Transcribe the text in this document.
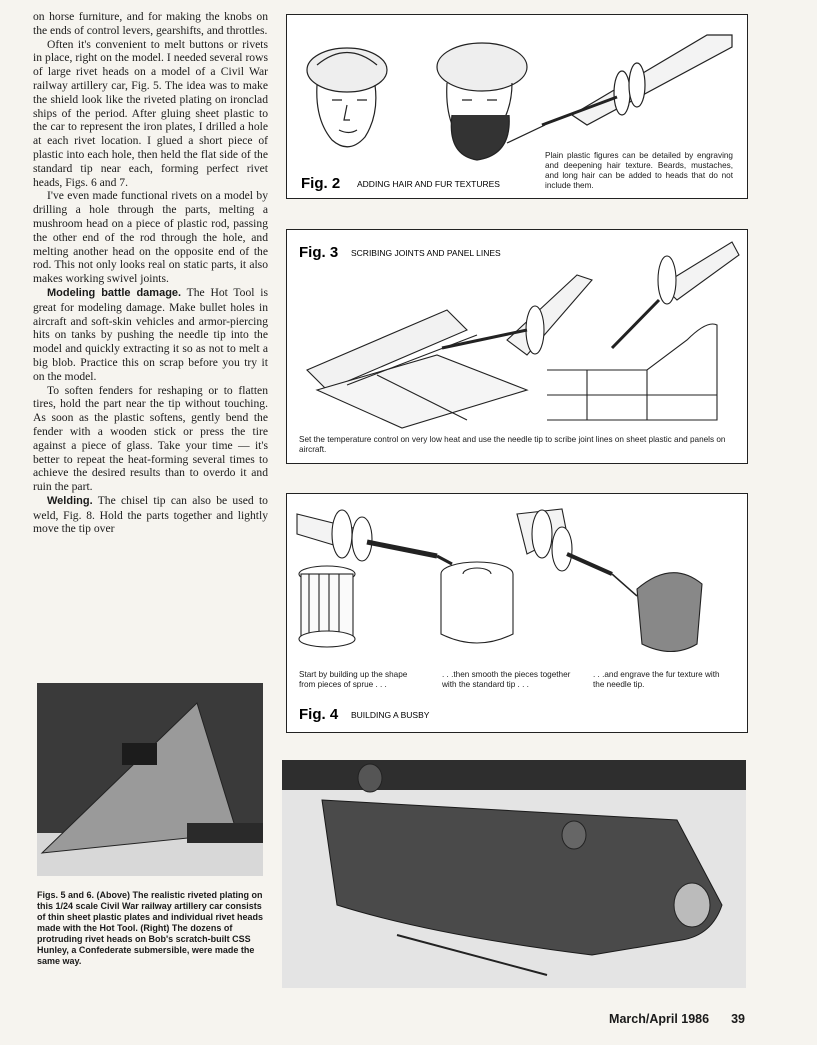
on horse furniture, and for making the knobs on the ends of control levers, gearshifts, and throttles.

Often it's convenient to melt buttons or rivets in place, right on the model. I needed several rows of large rivet heads on a model of a Civil War railway artillery car, Fig. 5. The idea was to make the shield look like the riveted plating on ironclad ships of the period. After gluing sheet plastic to the car to represent the iron plates, I drilled a hole at each rivet location. I glued a short piece of plastic into each hole, then held the flat side of the standard tip near each, forming perfect rivet heads, Figs. 6 and 7.

I've even made functional rivets on a model by drilling a hole through the parts, melting a mushroom head on a piece of plastic rod, passing the other end of the rod through the hole, and melting another head on the opposite end of the rod. This not only looks real on static parts, it also makes working swivel joints.

Modeling battle damage. The Hot Tool is great for modeling damage. Make bullet holes in aircraft and soft-skin vehicles and armor-piercing hits on tanks by pushing the needle tip into the model and quickly extracting it so as not to melt a big blob. Practice this on scrap before you try it on the model.

To soften fenders for reshaping or to flatten tires, hold the part near the tip without touching. As soon as the plastic softens, gently bend the fender with a wooden stick or press the tire against a piece of glass. Take your time — it's better to repeat the heat-forming several times to achieve the desired results than to overdo it and ruin the part.

Welding. The chisel tip can also be used to weld, Fig. 8. Hold the parts together and lightly move the tip over

Fig. 2 ADDING HAIR AND FUR TEXTURES
Plain plastic figures can be detailed by engraving and deepening hair texture. Beards, mustaches, and long hair can be added to heads that do not include them.
Fig. 3 SCRIBING JOINTS AND PANEL LINES
Set the temperature control on very low heat and use the needle tip to scribe joint lines on sheet plastic and panels on aircraft.
Fig. 4 BUILDING A BUSBY
Start by building up the shape from pieces of sprue . . .
. . .then smooth the pieces together with the standard tip . . .
. . .and engrave the fur texture with the needle tip.
Figs. 5 and 6. (Above) The realistic riveted plating on this 1/24 scale Civil War railway artillery car consists of thin sheet plastic plates and individual rivet heads made with the Hot Tool. (Right) The dozens of protruding rivet heads on Bob's scratch-built CSS Hunley, a Confederate submersible, were made the same way.
March/April 1986 39
